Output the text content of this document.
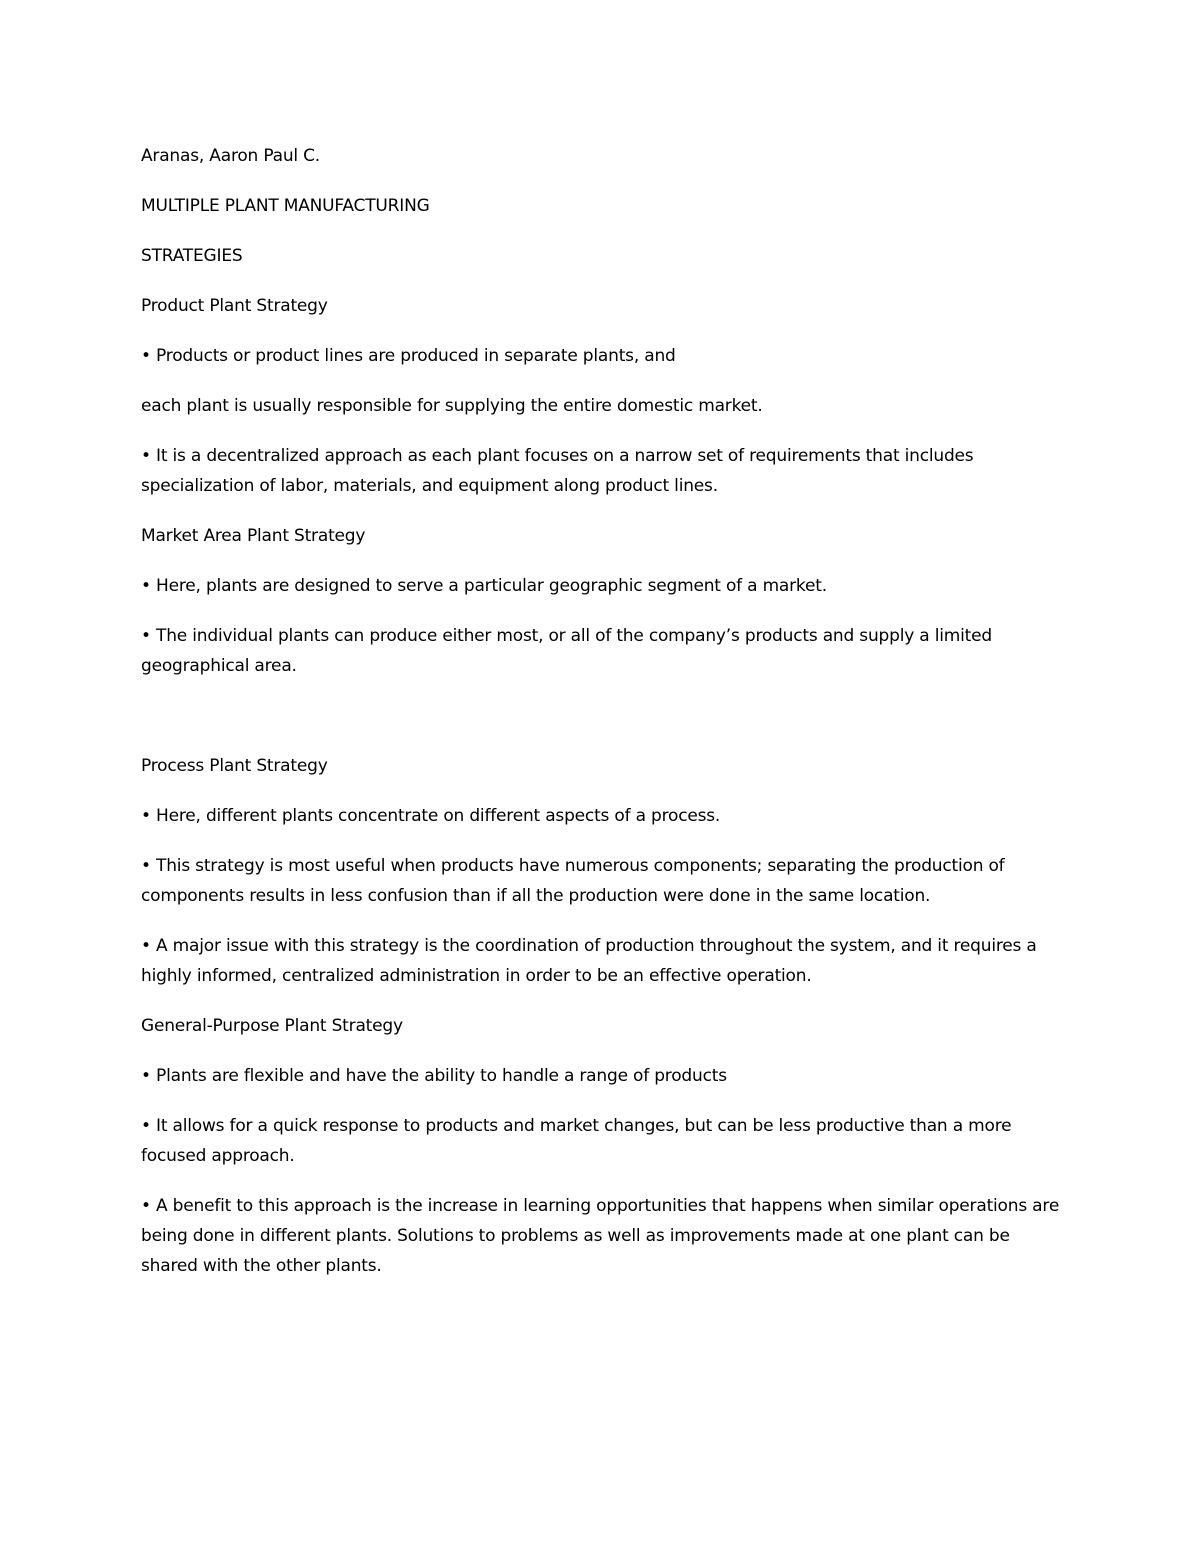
Aranas, Aaron Paul C.

MULTIPLE PLANT MANUFACTURING

STRATEGIES

Product Plant Strategy

• Products or product lines are produced in separate plants, and

each plant is usually responsible for supplying the entire domestic market.

• It is a decentralized approach as each plant focuses on a narrow set of requirements that includes specialization of labor, materials, and equipment along product lines.

Market Area Plant Strategy

• Here, plants are designed to serve a particular geographic segment of a market.

• The individual plants can produce either most, or all of the company’s products and supply a limited geographical area.

Process Plant Strategy

• Here, different plants concentrate on different aspects of a process.

• This strategy is most useful when products have numerous components; separating the production of components results in less confusion than if all the production were done in the same location.

• A major issue with this strategy is the coordination of production throughout the system, and it requires a highly informed, centralized administration in order to be an effective operation.

General-Purpose Plant Strategy

• Plants are flexible and have the ability to handle a range of products

• It allows for a quick response to products and market changes, but can be less productive than a more focused approach.

• A benefit to this approach is the increase in learning opportunities that happens when similar operations are being done in different plants. Solutions to problems as well as improvements made at one plant can be shared with the other plants.
